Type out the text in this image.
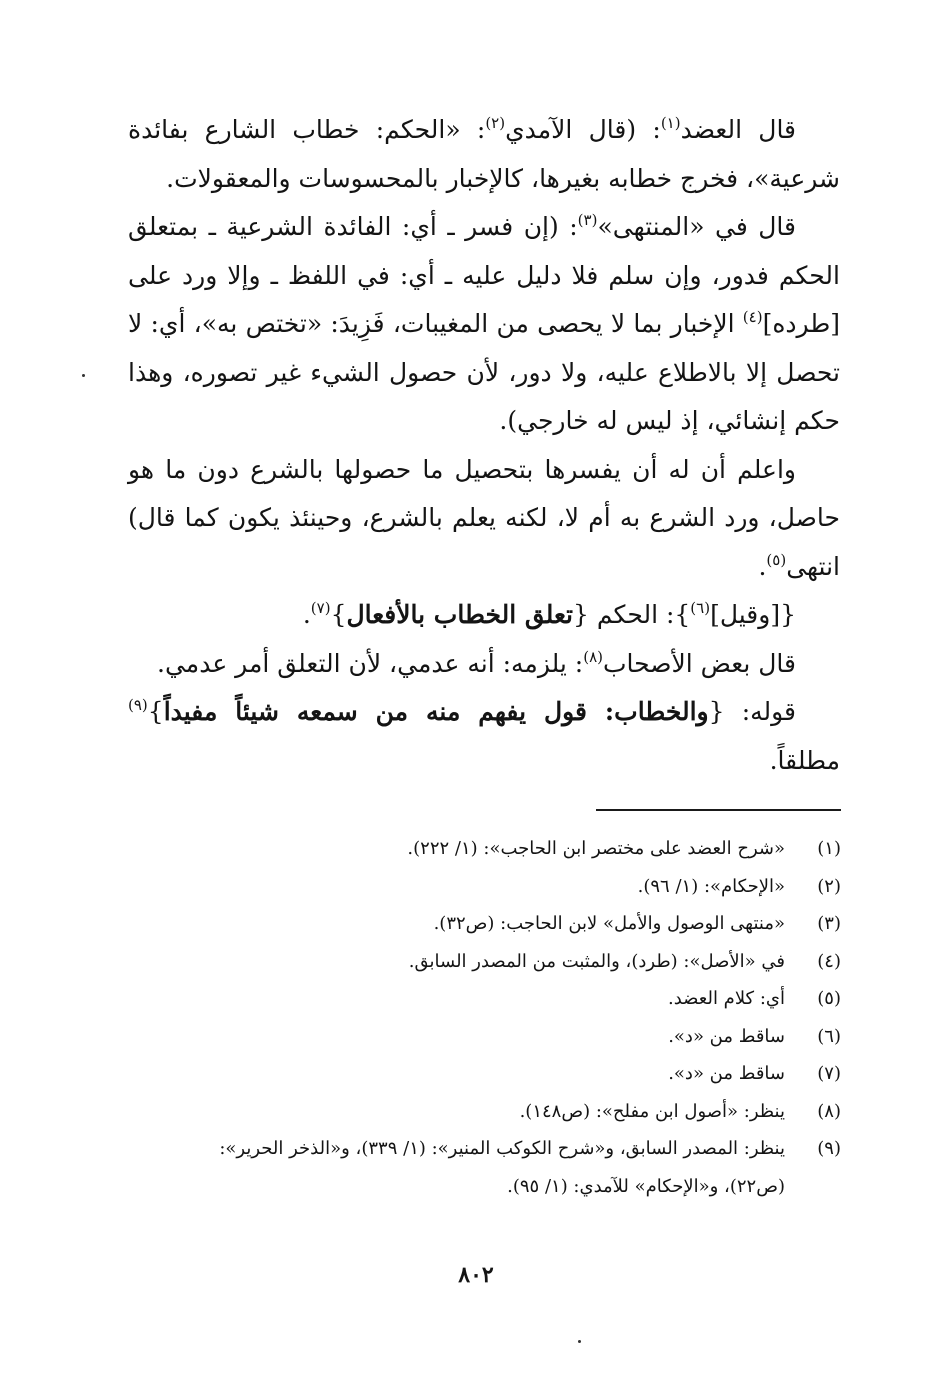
قال العضد$^{(١)}$: (قال الآمدي$^{(٢)}$: «الحكم: خطاب الشارع بفائدة شرعية»، فخرج خطابه بغيرها، كالإخبار بالمحسوسات والمعقولات.

قال في «المنتهى»$^{(٣)}$: (إن فسر ـ أي: الفائدة الشرعية ـ بمتعلق الحكم فدور، وإن سلم فلا دليل عليه ـ أي: في اللفظ ـ وإلا ورد على [طرده]$^{(٤)}$ الإخبار بما لا يحصى من المغيبات، فَزِيدَ: «تختص به»، أي: لا تحصل إلا بالاطلاع عليه، ولا دور، لأن حصول الشيء غير تصوره، وهذا حكم إنشائي، إذ ليس له خارجي).

واعلم أن له أن يفسرها بتحصيل ما حصولها بالشرع دون ما هو حاصل، ورد الشرع به أم لا، لكنه يعلم بالشرع، وحينئذ يكون كما قال) انتهى$^{(٥)}$.

{[وقيل]$^{(٦)}$}: الحكم {تعلق الخطاب بالأفعال}$^{(٧)}$.

قال بعض الأصحاب$^{(٨)}$: يلزمه: أنه عدمي، لأن التعلق أمر عدمي.

قوله: {والخطاب: قول يفهم منه من سمعه شيئاً مفيداً}$^{(٩)}$ مطلقاً.

(١)
«شرح العضد على مختصر ابن الحاجب»: (١/ ٢٢٢).
(٢)
«الإحكام»: (١/ ٩٦).
(٣)
«منتهى الوصول والأمل» لابن الحاجب: (ص٣٢).
(٤)
في «الأصل»: (طرد)، والمثبت من المصدر السابق.
(٥)
أي: كلام العضد.
(٦)
ساقط من «د».
(٧)
ساقط من «د».
(٨)
ينظر: «أصول ابن مفلح»: (ص١٤٨).
(٩)
ينظر: المصدر السابق، و«شرح الكوكب المنير»: (١/ ٣٣٩)، و«الذخر الحرير»:
(ص٢٢)، و«الإحكام» للآمدي: (١/ ٩٥).
٨٠٢
